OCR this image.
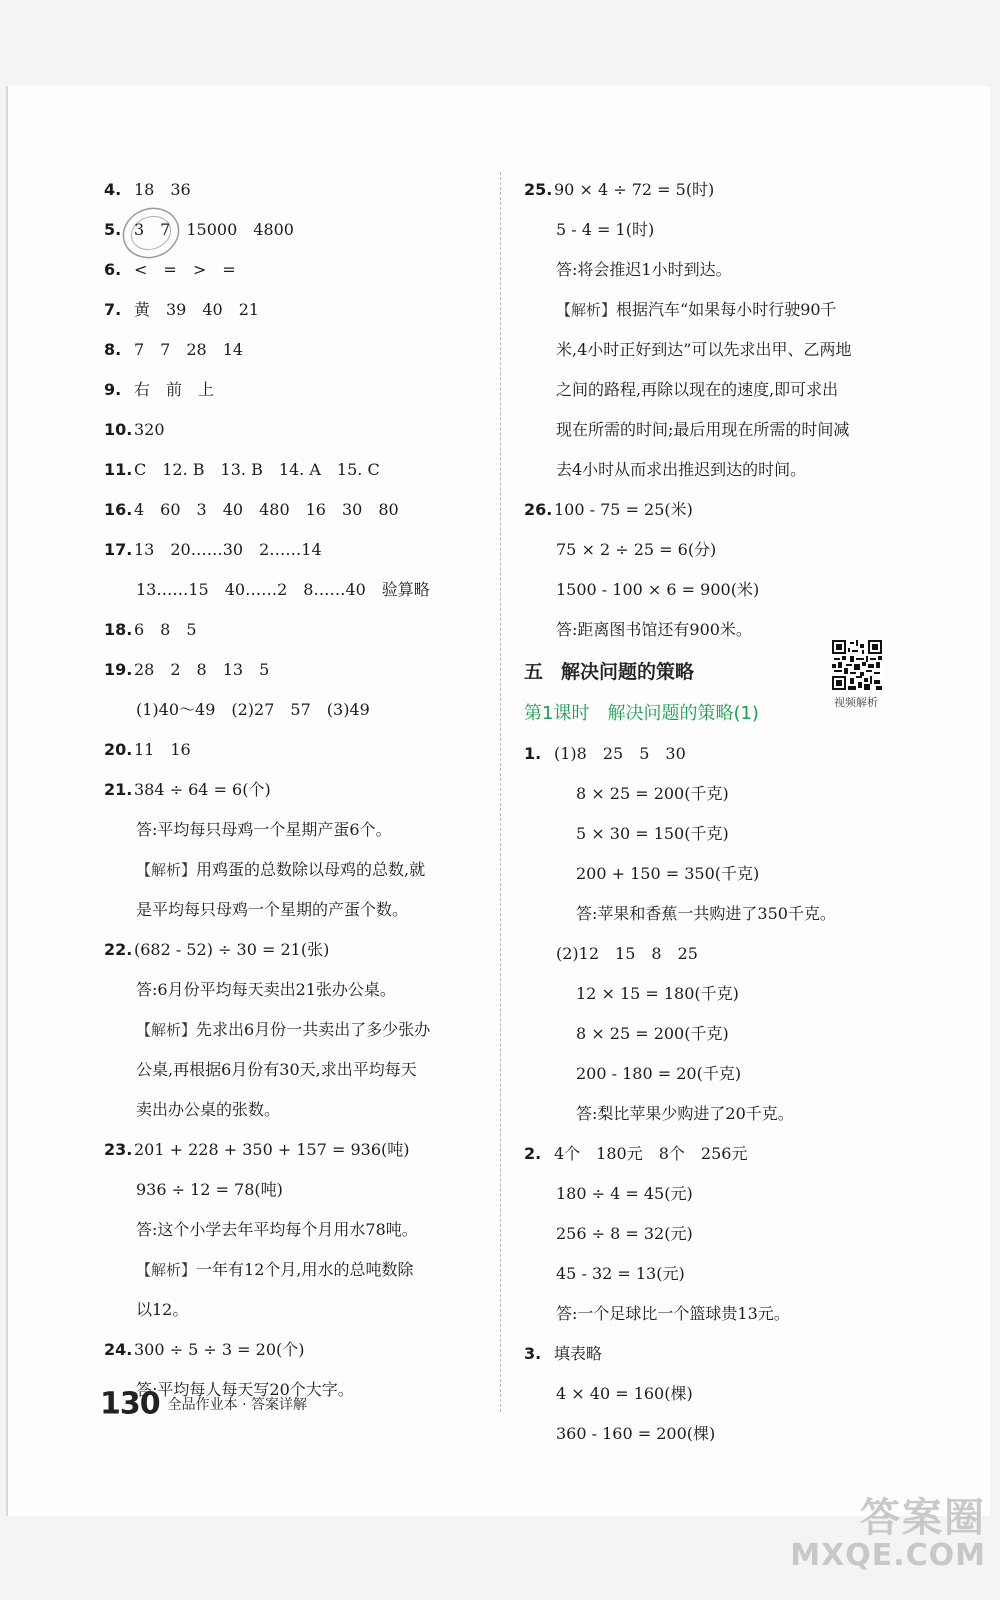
4. 18　36
5. 3　7　15000　4800
6. <　=　>　=
7. 黄　39　40　21
8. 7　7　28　14
9. 右　前　上
10. 320
11. C　12. B　13. B　14. A　15. C
16. 4　60　3　40　480　16　30　80
17. 13　20……30　2……14
13……15　40……2　8……40　验算略
18. 6　8　5
19. 28　2　8　13　5
(1)40～49　(2)27　57　(3)49
20. 11　16
21. 384 ÷ 64 = 6(个)
答:平均每只母鸡一个星期产蛋6个。
【解析】用鸡蛋的总数除以母鸡的总数,就
是平均每只母鸡一个星期的产蛋个数。
22. (682 - 52) ÷ 30 = 21(张)
答:6月份平均每天卖出21张办公桌。
【解析】先求出6月份一共卖出了多少张办
公桌,再根据6月份有30天,求出平均每天
卖出办公桌的张数。
23. 201 + 228 + 350 + 157 = 936(吨)
936 ÷ 12 = 78(吨)
答:这个小学去年平均每个月用水78吨。
【解析】一年有12个月,用水的总吨数除
以12。
24. 300 ÷ 5 ÷ 3 = 20(个)
答:平均每人每天写20个大字。
25. 90 × 4 ÷ 72 = 5(时)
5 - 4 = 1(时)
答:将会推迟1小时到达。
【解析】根据汽车“如果每小时行驶90千
米,4小时正好到达”可以先求出甲、乙两地
之间的路程,再除以现在的速度,即可求出
现在所需的时间;最后用现在所需的时间减
去4小时从而求出推迟到达的时间。
26. 100 - 75 = 25(米)
75 × 2 ÷ 25 = 6(分)
1500 - 100 × 6 = 900(米)
答:距离图书馆还有900米。
五 解决问题的策略
第1课时 解决问题的策略(1)
1. (1)8　25　5　30
8 × 25 = 200(千克)
5 × 30 = 150(千克)
200 + 150 = 350(千克)
答:苹果和香蕉一共购进了350千克。
(2)12　15　8　25
12 × 15 = 180(千克)
8 × 25 = 200(千克)
200 - 180 = 20(千克)
答:梨比苹果少购进了20千克。
2. 4个　180元　8个　256元
180 ÷ 4 = 45(元)
256 ÷ 8 = 32(元)
45 - 32 = 13(元)
答:一个足球比一个篮球贵13元。
3. 填表略
4 × 40 = 160(棵)
360 - 160 = 200(棵)
视频解析
130 全品作业本 · 答案详解
答案圈
MXQE.COM
